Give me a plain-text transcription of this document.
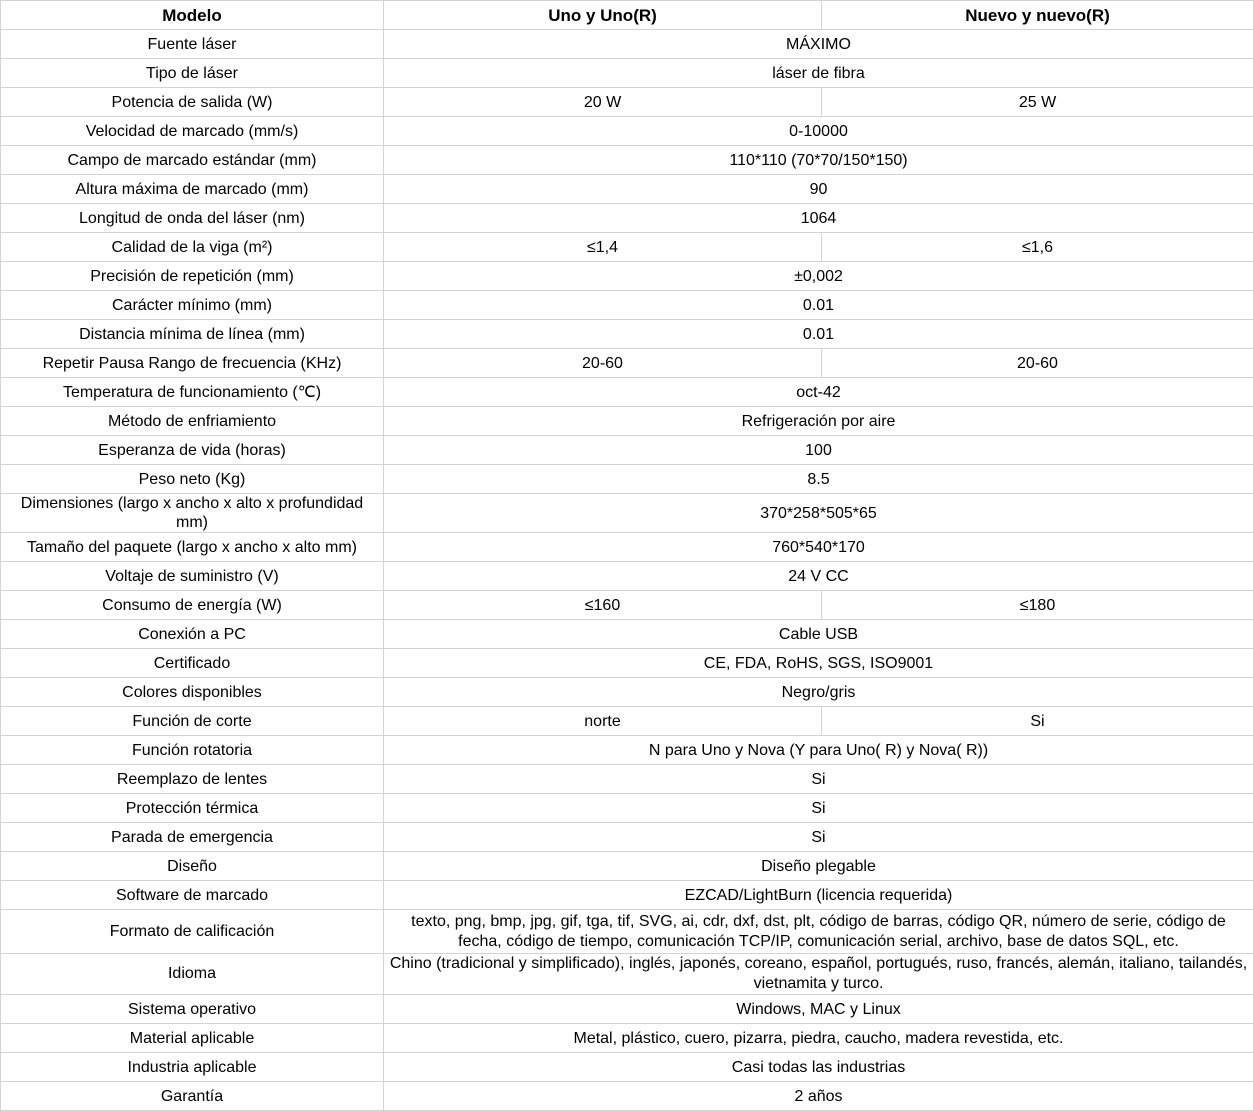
Modelo	Uno y Uno(R)	Nuevo y nuevo(R)
Fuente láser	MÁXIMO	
Tipo de láser	láser de fibra	
Potencia de salida (W)	20 W	25 W
Velocidad de marcado (mm/s)	0-10000	
Campo de marcado estándar (mm)	110*110 (70*70/150*150)	
Altura máxima de marcado (mm)	90	
Longitud de onda del láser (nm)	1064	
Calidad de la viga (m²)	≤1,4	≤1,6
Precisión de repetición (mm)	±0,002	
Carácter mínimo (mm)	0.01	
Distancia mínima de línea (mm)	0.01	
Repetir Pausa Rango de frecuencia (KHz)	20-60	20-60
Temperatura de funcionamiento (℃)	oct-42	
Método de enfriamiento	Refrigeración por aire	
Esperanza de vida (horas)	100	
Peso neto (Kg)	8.5	
Dimensiones (largo x ancho x alto x profundidad mm)	370*258*505*65	
Tamaño del paquete (largo x ancho x alto mm)	760*540*170	
Voltaje de suministro (V)	24 V CC	
Consumo de energía (W)	≤160	≤180
Conexión a PC	Cable USB	
Certificado	CE, FDA, RoHS, SGS, ISO9001	
Colores disponibles	Negro/gris	
Función de corte	norte	Si
Función rotatoria	N para Uno y Nova (Y para Uno( R) y Nova( R))	
Reemplazo de lentes	Si	
Protección térmica	Si	
Parada de emergencia	Si	
Diseño	Diseño plegable	
Software de marcado	EZCAD/LightBurn (licencia requerida)	
Formato de calificación	texto, png, bmp, jpg, gif, tga, tif, SVG, ai, cdr, dxf, dst, plt, código de barras, código QR, número de serie, código de fecha, código de tiempo, comunicación TCP/IP, comunicación serial, archivo, base de datos SQL, etc.	
Idioma	Chino (tradicional y simplificado), inglés, japonés, coreano, español, portugués, ruso, francés, alemán, italiano, tailandés, vietnamita y turco.	
Sistema operativo	Windows, MAC y Linux	
Material aplicable	Metal, plástico, cuero, pizarra, piedra, caucho, madera revestida, etc.	
Industria aplicable	Casi todas las industrias	
Garantía	2 años	
